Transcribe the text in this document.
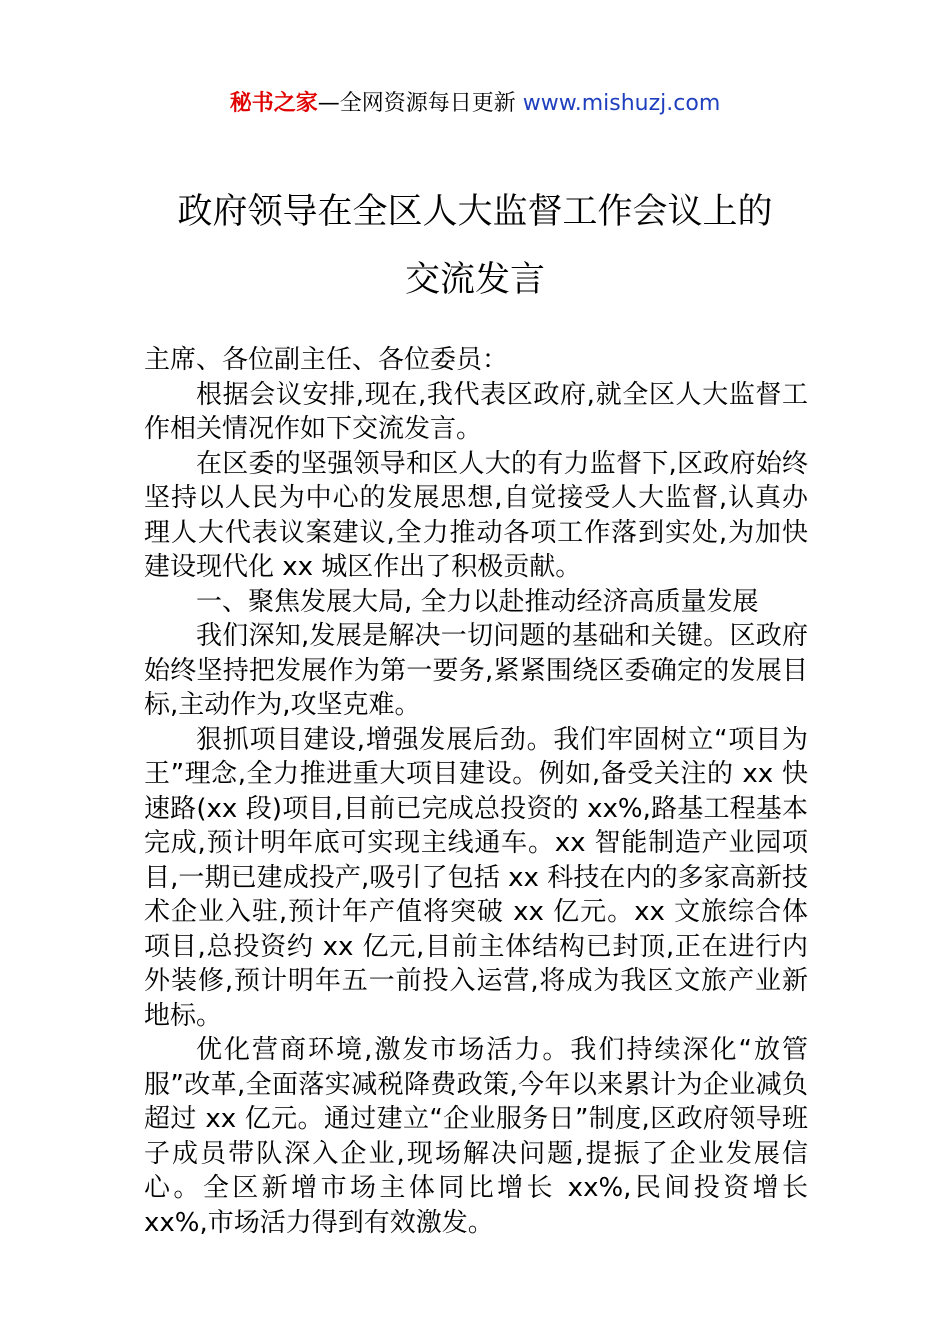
秘书之家—全网资源每日更新 www.mishuzj.com
政府领导在全区人大监督工作会议上的
交流发言

主席、各位副主任、各位委员：

根据会议安排,现在,我代表区政府,就全区人大监督工作相关情况作如下交流发言。

在区委的坚强领导和区人大的有力监督下,区政府始终坚持以人民为中心的发展思想,自觉接受人大监督,认真办理人大代表议案建议,全力推动各项工作落到实处,为加快建设现代化 xx 城区作出了积极贡献。

一、聚焦发展大局, 全力以赴推动经济高质量发展

我们深知,发展是解决一切问题的基础和关键。区政府始终坚持把发展作为第一要务,紧紧围绕区委确定的发展目标,主动作为,攻坚克难。

狠抓项目建设,增强发展后劲。我们牢固树立“项目为王”理念,全力推进重大项目建设。例如,备受关注的 xx 快速路(xx 段)项目,目前已完成总投资的 xx%,路基工程基本完成,预计明年底可实现主线通车。xx 智能制造产业园项目,一期已建成投产,吸引了包括 xx 科技在内的多家高新技术企业入驻,预计年产值将突破 xx 亿元。xx 文旅综合体项目,总投资约 xx 亿元,目前主体结构已封顶,正在进行内外装修,预计明年五一前投入运营,将成为我区文旅产业新地标。

优化营商环境,激发市场活力。我们持续深化“放管服”改革,全面落实减税降费政策,今年以来累计为企业减负超过 xx 亿元。通过建立“企业服务日”制度,区政府领导班子成员带队深入企业,现场解决问题,提振了企业发展信心。全区新增市场主体同比增长 xx%,民间投资增长 xx%,市场活力得到有效激发。
